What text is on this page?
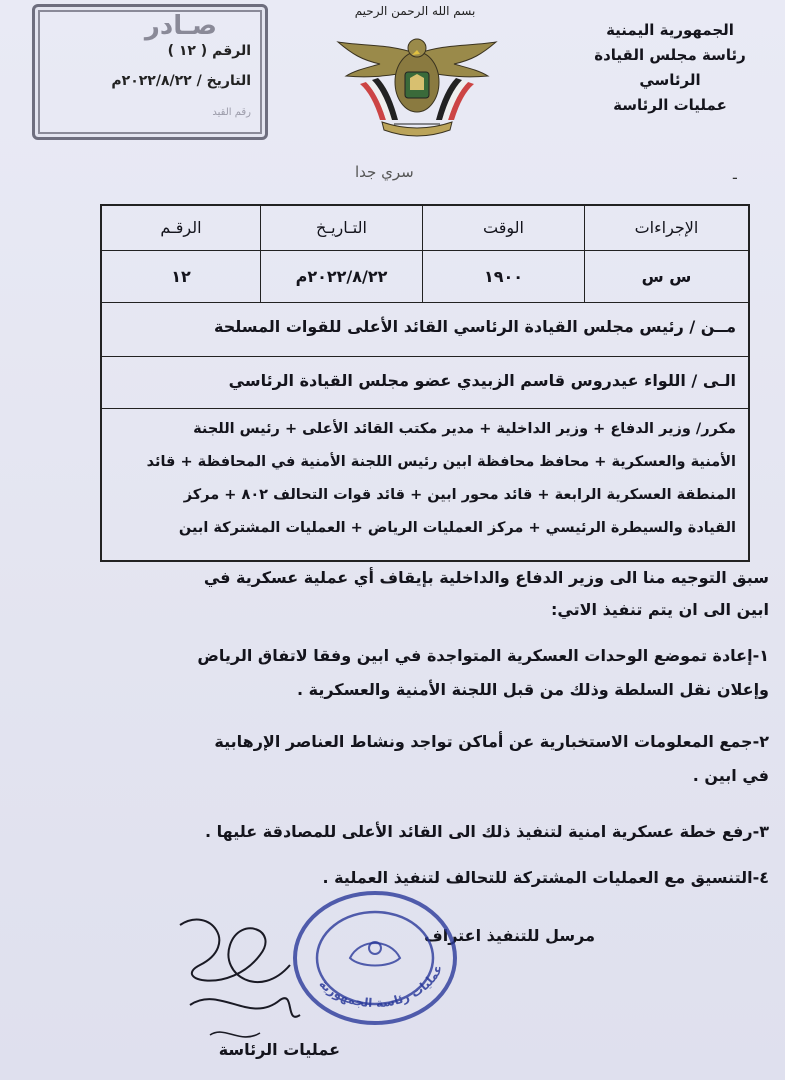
الجمهورية اليمنية
رئاسة مجلس القيادة
الرئاسي
عمليات الرئاسة
بسم الله الرحمن الرحيم
صـادر
الرقم ( ١٢ )
التاريخ / ٢٠٢٢/٨/٢٢م
رقم القيد
سري جدا	-
الإجراءات
الوقت
التـاريـخ
الرقـم
س س
١٩٠٠
٢٠٢٢/٨/٢٢م
١٢
مــن / رئيس مجلس القيادة الرئاسي القائد الأعلى للقوات المسلحة
الـى / اللواء عيدروس قاسم الزبيدي عضو مجلس القيادة الرئاسي
مكرر/ وزير الدفاع + وزير الداخلية + مدير مكتب القائد الأعلى + رئيس اللجنة
الأمنية والعسكرية + محافظ محافظة ابين رئيس اللجنة الأمنية في المحافظة + قائد
المنطقة العسكرية الرابعة + قائد محور ابين + قائد قوات التحالف ٨٠٢ + مركز
القيادة والسيطرة الرئيسي + مركز العمليات الرياض + العمليات المشتركة ابين
سبق التوجيه منا الى وزير الدفاع والداخلية بإيقاف أي عملية عسكرية في
ابين الى ان يتم تنفيذ الاتي:
١-إعادة تموضع الوحدات العسكرية المتواجدة في ابين وفقا لاتفاق الرياض
وإعلان نقل السلطة وذلك من قبل اللجنة الأمنية والعسكرية .
٢-جمع المعلومات الاستخبارية عن أماكن تواجد ونشاط العناصر الإرهابية
في ابين .
٣-رفع خطة عسكرية امنية لتنفيذ ذلك الى القائد الأعلى للمصادقة عليها .
٤-التنسيق مع العمليات المشتركة للتحالف لتنفيذ العملية .
مرسل للتنفيذ اعتراف
عمليات الرئاسة
عمليات رئاسة الجمهورية
